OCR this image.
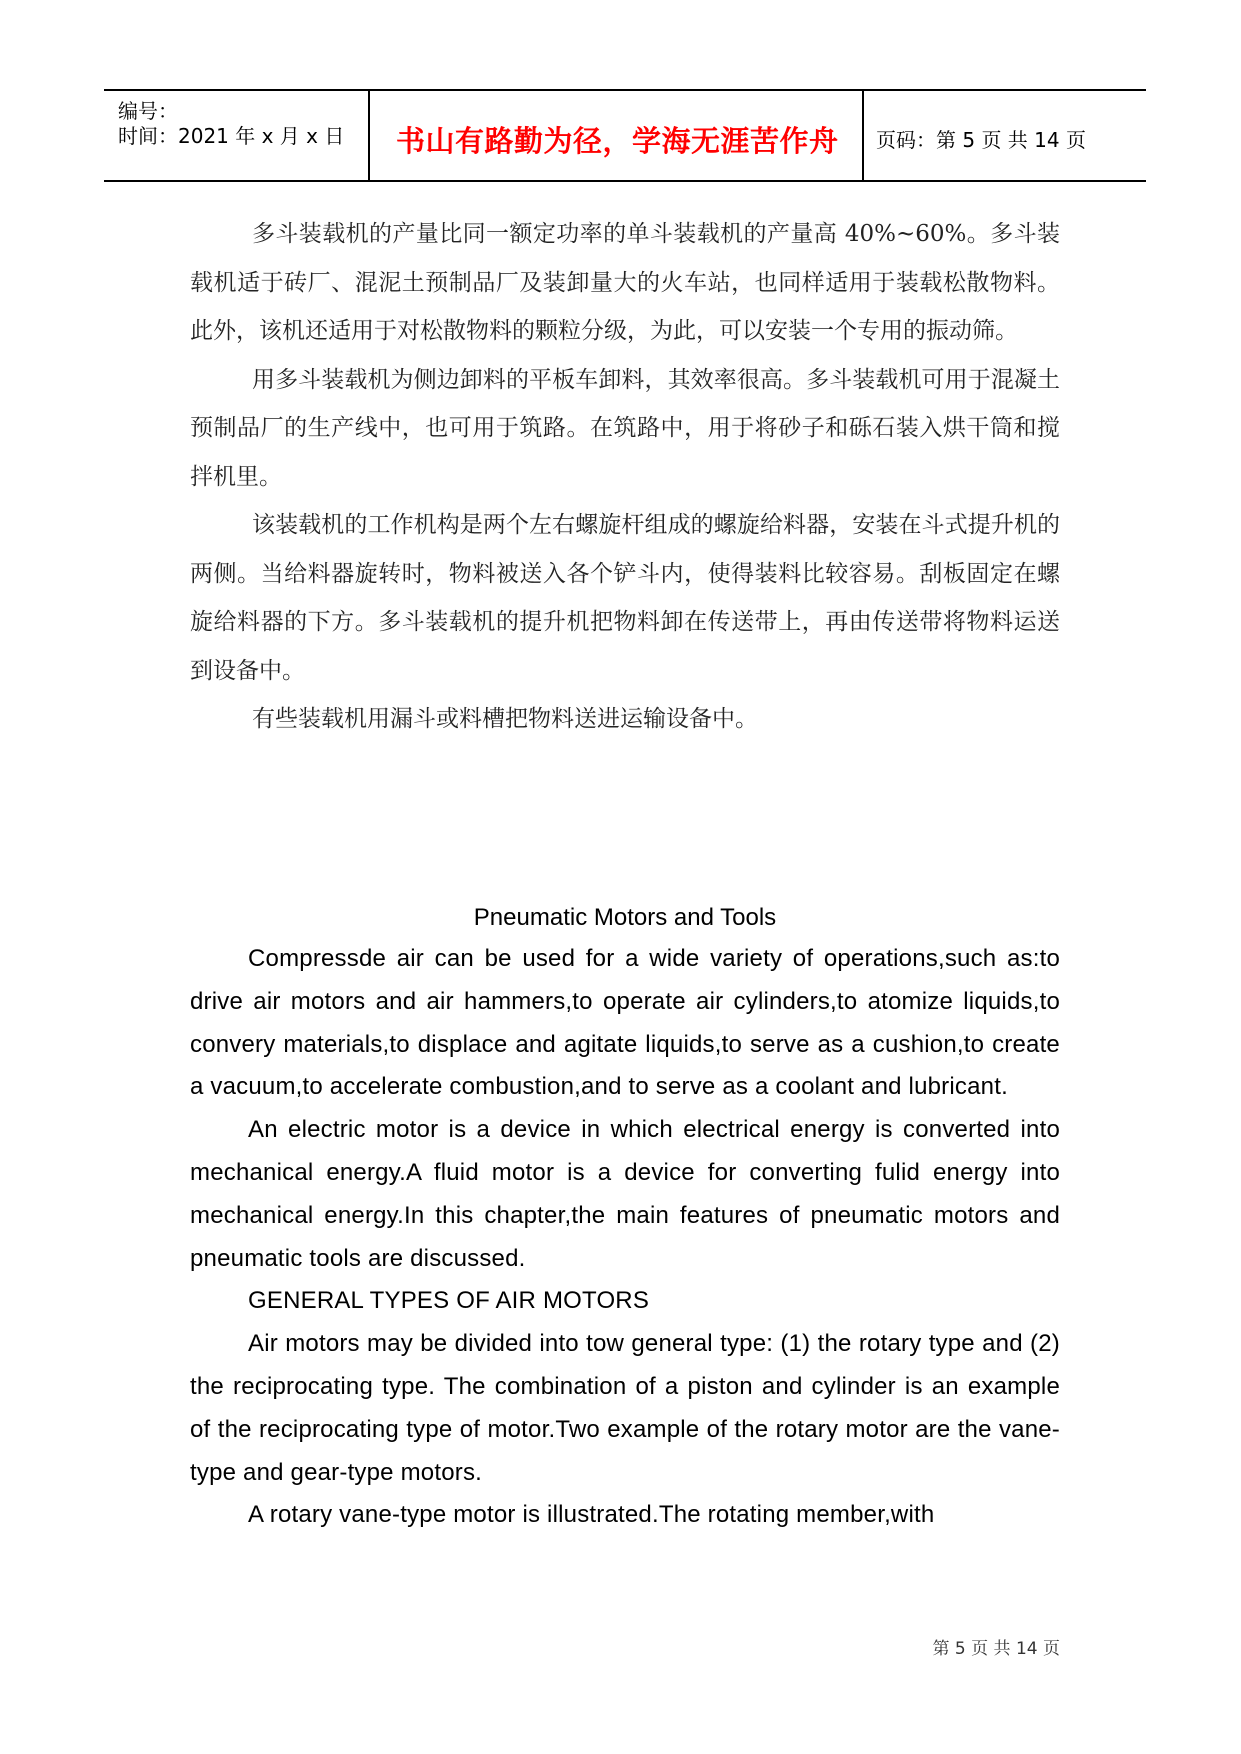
编号：
时间：2021 年 x 月 x 日 书山有路勤为径，学海无涯苦作舟 页码：第 5 页 共 14 页

多斗装载机的产量比同一额定功率的单斗装载机的产量高 40%~60%。多斗装载机适于砖厂、混泥土预制品厂及装卸量大的火车站，也同样适用于装载松散物料。此外，该机还适用于对松散物料的颗粒分级，为此，可以安装一个专用的振动筛。

用多斗装载机为侧边卸料的平板车卸料，其效率很高。多斗装载机可用于混凝土预制品厂的生产线中，也可用于筑路。在筑路中，用于将砂子和砾石装入烘干筒和搅拌机里。

该装载机的工作机构是两个左右螺旋杆组成的螺旋给料器，安装在斗式提升机的两侧。当给料器旋转时，物料被送入各个铲斗内，使得装料比较容易。刮板固定在螺旋给料器的下方。多斗装载机的提升机把物料卸在传送带上，再由传送带将物料运送到设备中。

有些装载机用漏斗或料槽把物料送进运输设备中。

Pneumatic Motors and Tools

Compressde air can be used for a wide variety of operations,such as:to drive air motors and air hammers,to operate air cylinders,to atomize liquids,to convery materials,to displace and agitate liquids,to serve as a cushion,to create a vacuum,to accelerate combustion,and to serve as a coolant and lubricant.

An electric motor is a device in which electrical energy is converted into mechanical energy.A fluid motor is a device for converting fulid energy into mechanical energy.In this chapter,the main features of pneumatic motors and pneumatic tools are discussed.

GENERAL TYPES OF AIR MOTORS

Air motors may be divided into tow general type: (1) the rotary type and (2) the reciprocating type. The combination of a piston and cylinder is an example of the reciprocating type of motor.Two example of the rotary motor are the vane-type and gear-type motors.

A rotary vane-type motor is illustrated.The rotating member,with

第 5 页 共 14 页
